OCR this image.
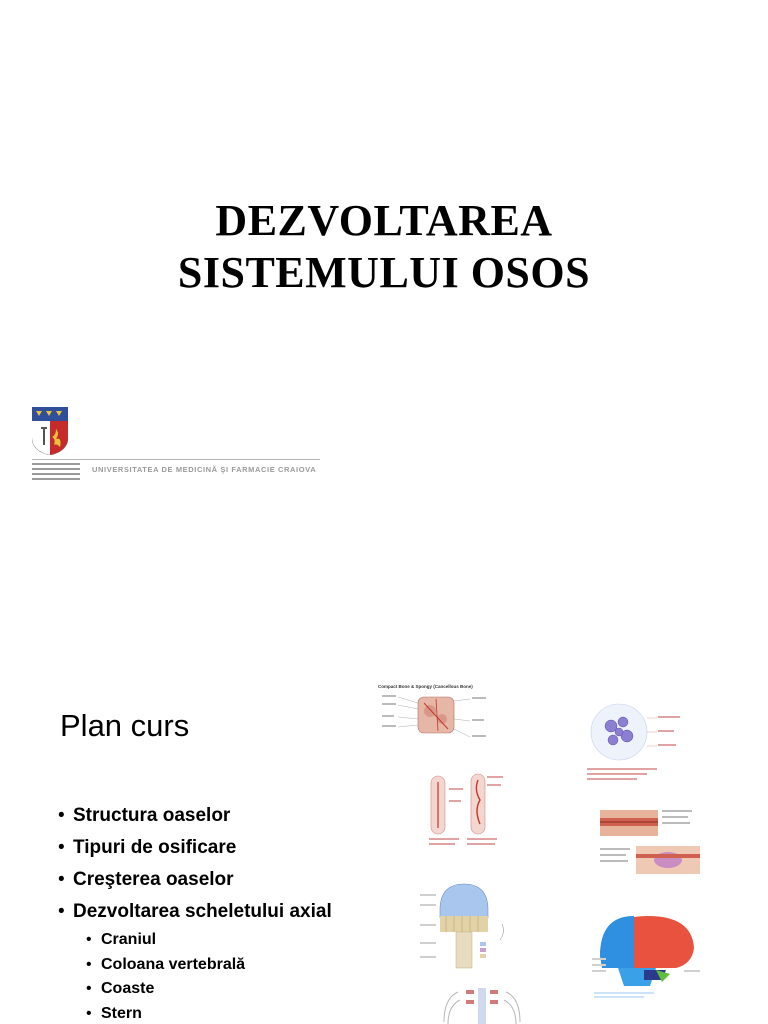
DEZVOLTAREA
SISTEMULUI OSOS
UNIVERSITATEA DE MEDICINĂ ŞI FARMACIE CRAIOVA
Plan curs
• Structura oaselor
• Tipuri de osificare
• Creşterea oaselor
• Dezvoltarea scheletului axial
• Craniul
• Coloana vertebrală
• Coaste
• Stern
Compact Bone & Spongy (Cancellous Bone)
